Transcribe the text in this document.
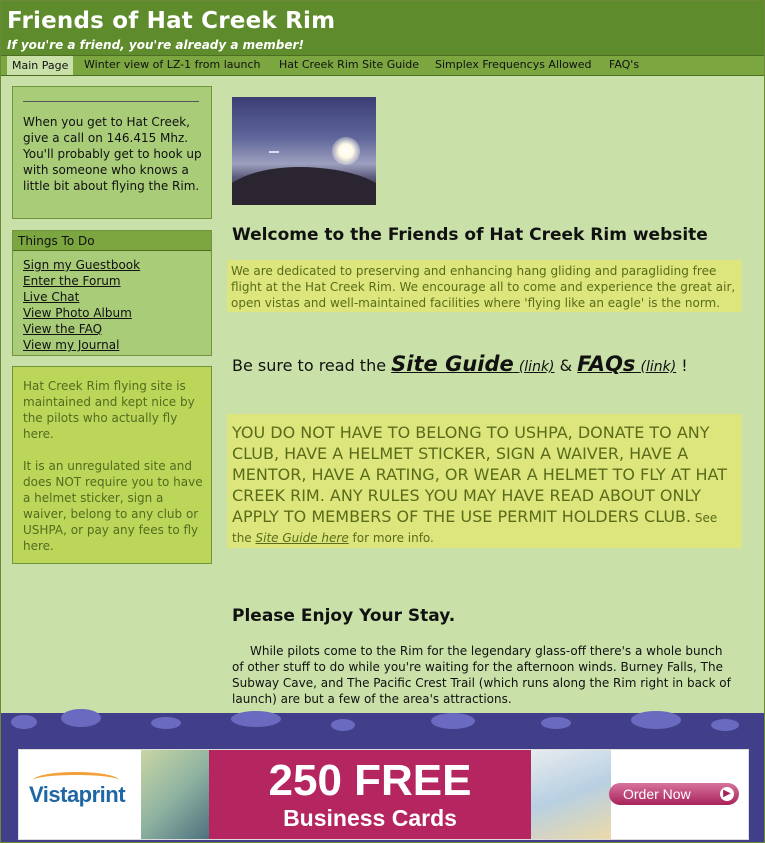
Friends of Hat Creek Rim
If you're a friend, you're already a member!
Main Page	Winter view of LZ-1 from launch Hat Creek Rim Site Guide Simplex Frequencys Allowed FAQ's
When you get to Hat Creek, give a call on 146.415 Mhz. You'll probably get to hook up with someone who knows a little bit about flying the Rim.
Things To Do
Sign my Guestbook
Enter the Forum
Live Chat
View Photo Album
View the FAQ
View my Journal
Hat Creek Rim flying site is maintained and kept nice by the pilots who actually fly here.
It is an unregulated site and does NOT require you to have a helmet sticker, sign a waiver, belong to any club or USHPA, or pay any fees to fly here.
Welcome to the Friends of Hat Creek Rim website
We are dedicated to preserving and enhancing hang gliding and paragliding free flight at the Hat Creek Rim. We encourage all to come and experience the great air, open vistas and well-maintained facilities where 'flying like an eagle' is the norm.
Be sure to read the Site Guide (link) & FAQs (link) !
YOU DO NOT HAVE TO BELONG TO USHPA, DONATE TO ANY CLUB, HAVE A HELMET STICKER, SIGN A WAIVER, HAVE A MENTOR, HAVE A RATING, OR WEAR A HELMET TO FLY AT HAT CREEK RIM. ANY RULES YOU MAY HAVE READ ABOUT ONLY APPLY TO MEMBERS OF THE USE PERMIT HOLDERS CLUB. See the Site Guide here for more info.
Please Enjoy Your Stay.
While pilots come to the Rim for the legendary glass-off there's a whole bunch of other stuff to do while you're waiting for the afternoon winds. Burney Falls, The Subway Cave, and The Pacific Crest Trail (which runs along the Rim right in back of launch) are but a few of the area's attractions.
Vistaprint	250 FREE
Business Cards
Order Now	▶
